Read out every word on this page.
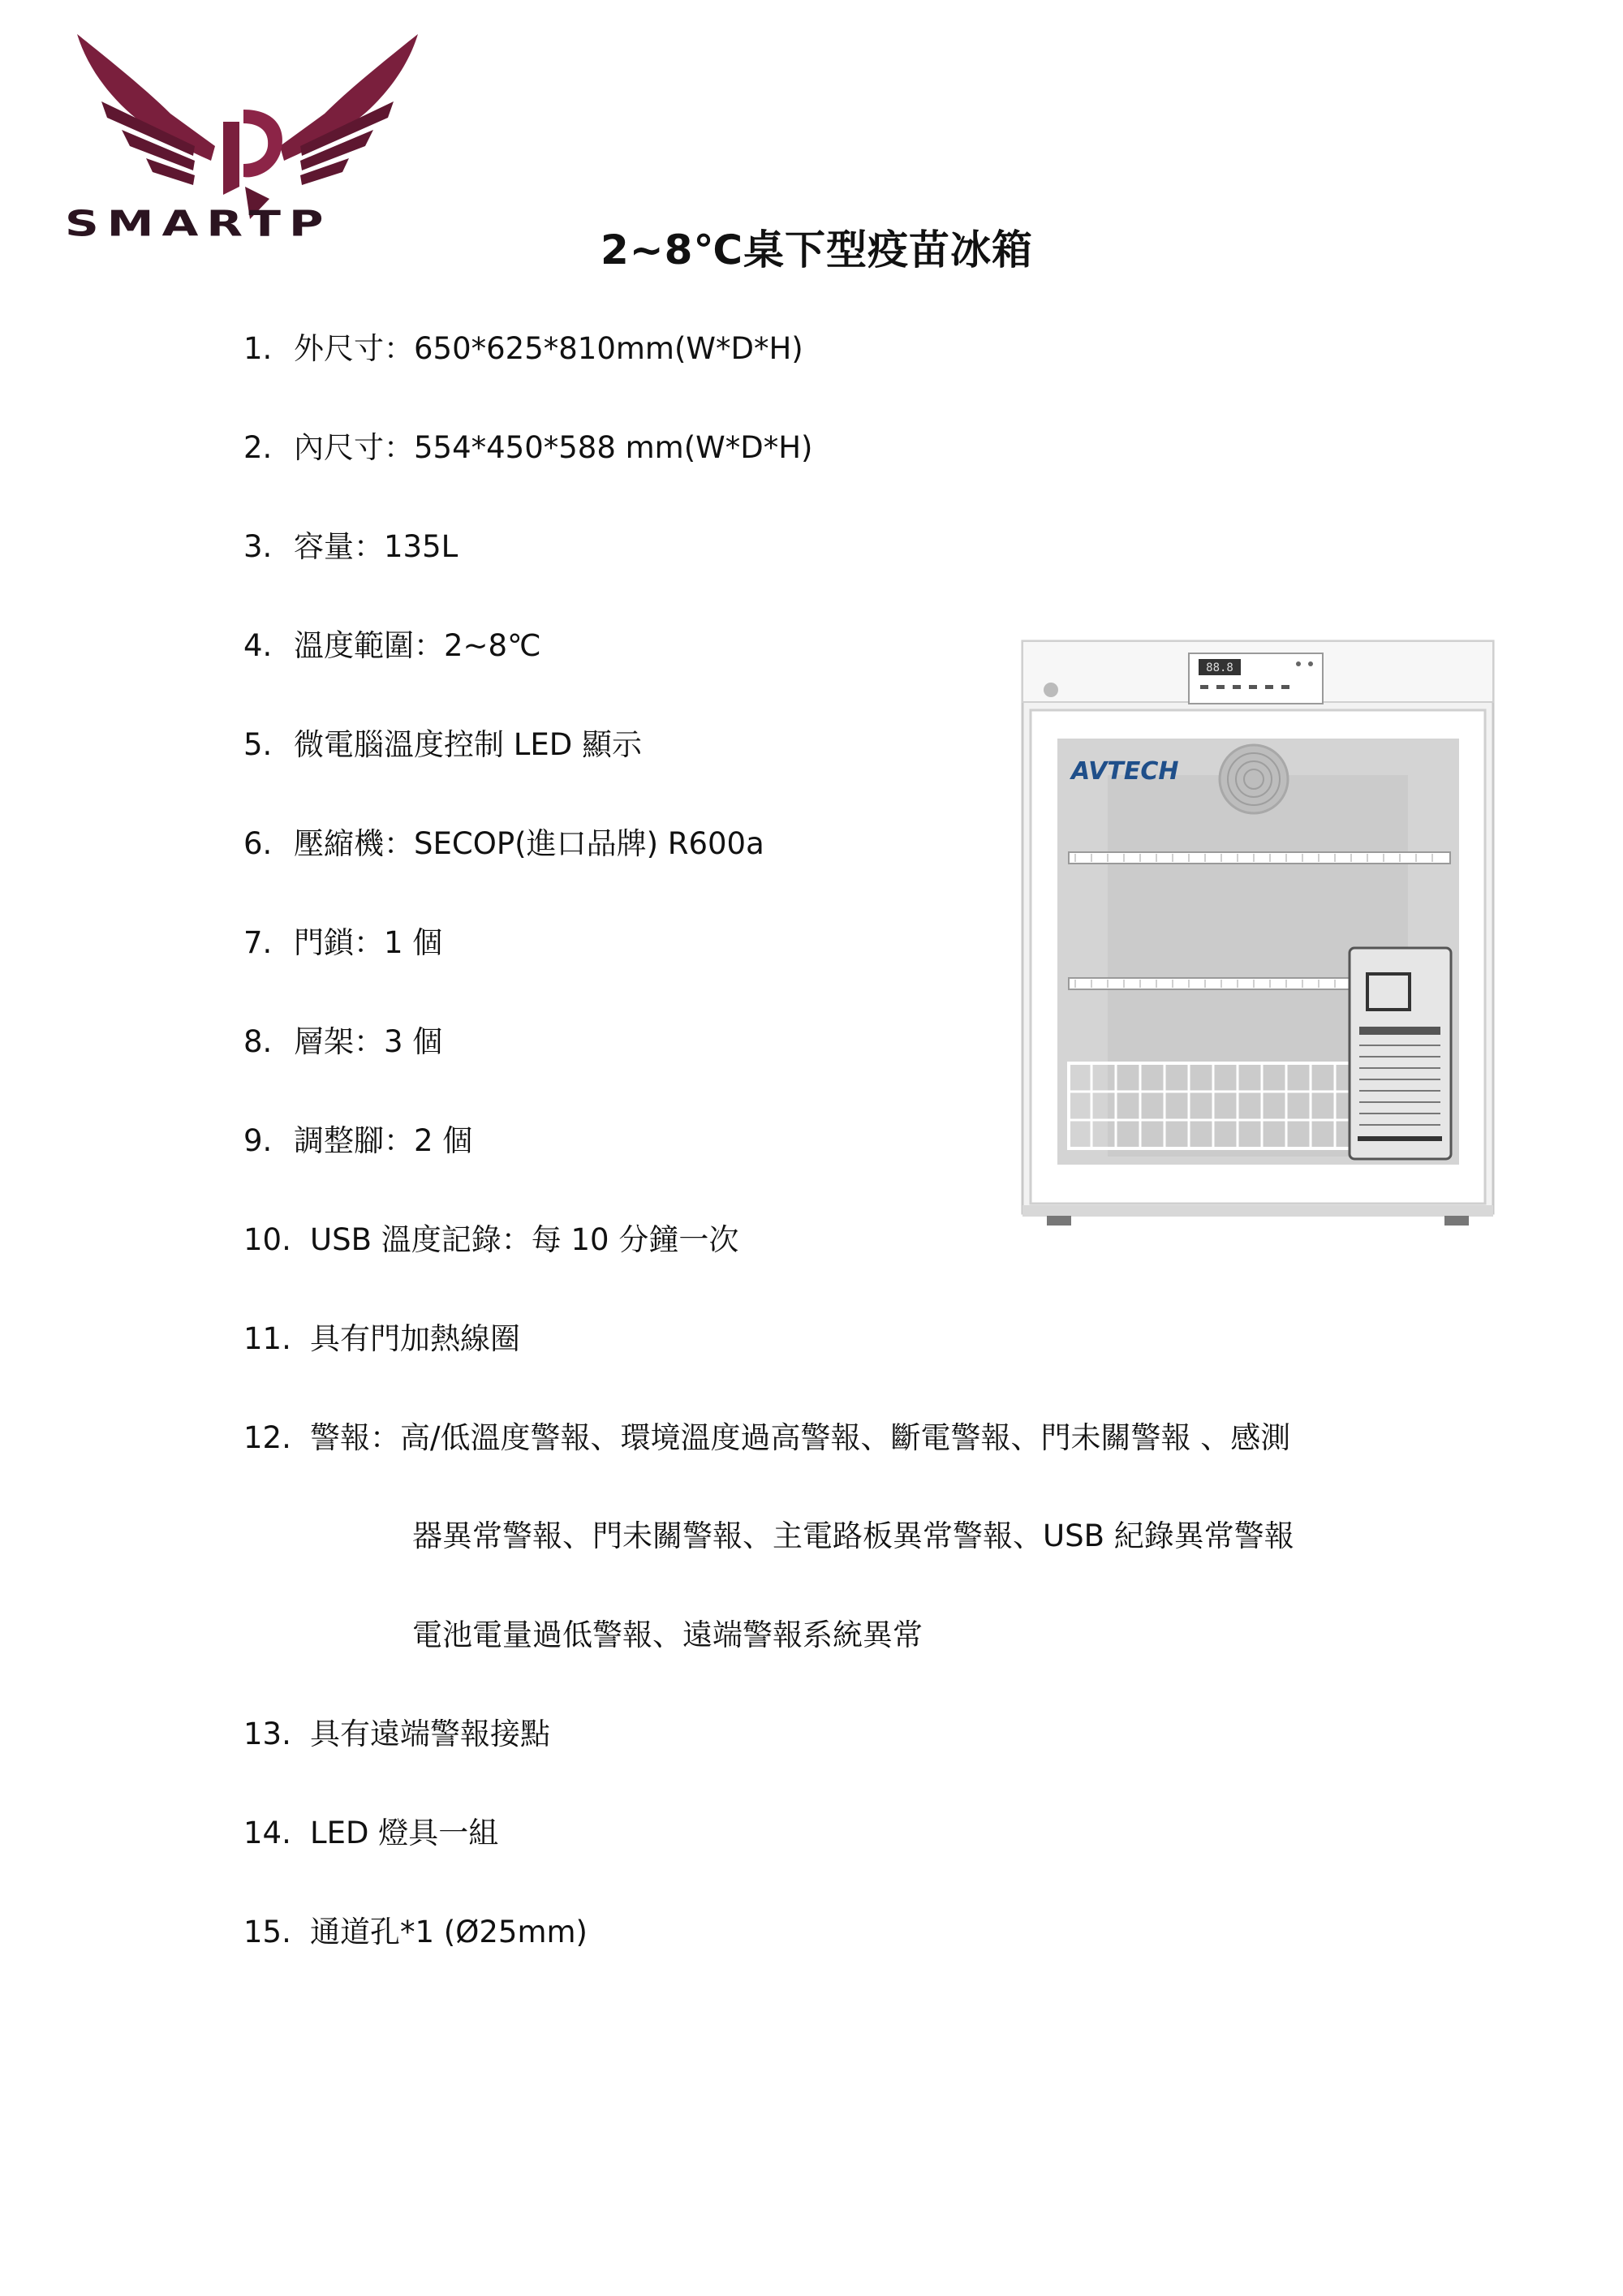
SMARTP
2~8℃桌下型疫苗冰箱
1. 外尺寸：650*625*810mm(W*D*H)
2. 內尺寸：554*450*588 mm(W*D*H)
3. 容量：135L
4. 溫度範圍：2~8℃
5. 微電腦溫度控制 LED 顯示
6. 壓縮機：SECOP(進口品牌) R600a
7. 門鎖：1 個
8. 層架：3 個
9. 調整腳：2 個
10. USB 溫度記錄：每 10 分鐘一次
11. 具有門加熱線圈
12. 警報：高/低溫度警報、環境溫度過高警報、斷電警報、門未關警報 、感測
器異常警報、門未關警報、主電路板異常警報、USB 紀錄異常警報
電池電量過低警報、遠端警報系統異常
13. 具有遠端警報接點
14. LED 燈具一組
15. 通道孔*1 (Ø25mm)
88.8
AVTECH
